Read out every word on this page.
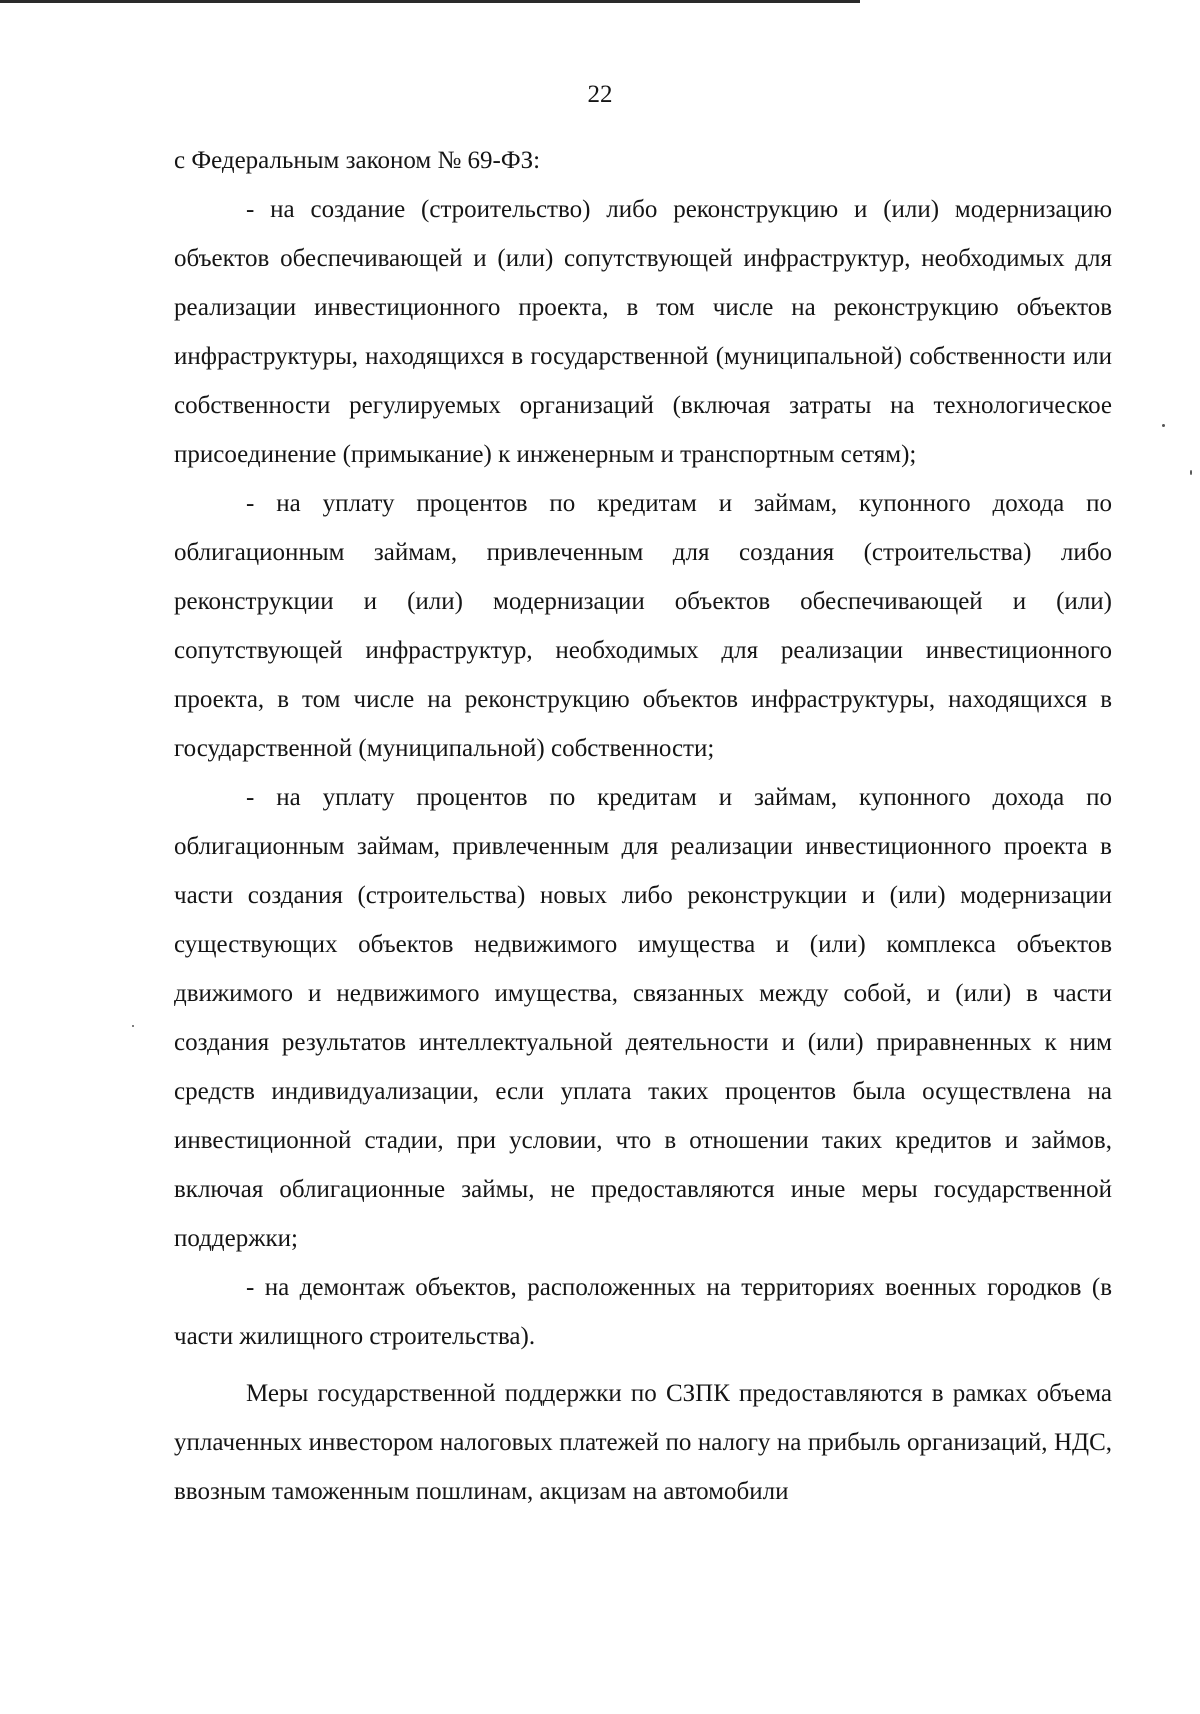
22

с Федеральным законом № 69-ФЗ:

- на создание (строительство) либо реконструкцию и (или) модернизацию объектов обеспечивающей и (или) сопутствующей инфраструктур, необходимых для реализации инвестиционного проекта, в том числе на реконструкцию объектов инфраструктуры, находящихся в государственной (муниципальной) собственности или собственности регулируемых организаций (включая затраты на технологическое присоединение (примыкание) к инженерным и транспортным сетям);

- на уплату процентов по кредитам и займам, купонного дохода по облигационным займам, привлеченным для создания (строительства) либо реконструкции и (или) модернизации объектов обеспечивающей и (или) сопутствующей инфраструктур, необходимых для реализации инвестиционного проекта, в том числе на реконструкцию объектов инфраструктуры, находящихся в государственной (муниципальной) собственности;

- на уплату процентов по кредитам и займам, купонного дохода по облигационным займам, привлеченным для реализации инвестиционного проекта в части создания (строительства) новых либо реконструкции и (или) модернизации существующих объектов недвижимого имущества и (или) комплекса объектов движимого и недвижимого имущества, связанных между собой, и (или) в части создания результатов интеллектуальной деятельности и (или) приравненных к ним средств индивидуализации, если уплата таких процентов была осуществлена на инвестиционной стадии, при условии, что в отношении таких кредитов и займов, включая облигационные займы, не предоставляются иные меры государственной поддержки;

- на демонтаж объектов, расположенных на территориях военных городков (в части жилищного строительства).

Меры государственной поддержки по СЗПК предоставляются в рамках объема уплаченных инвестором налоговых платежей по налогу на прибыль организаций, НДС, ввозным таможенным пошлинам, акцизам на автомобили
